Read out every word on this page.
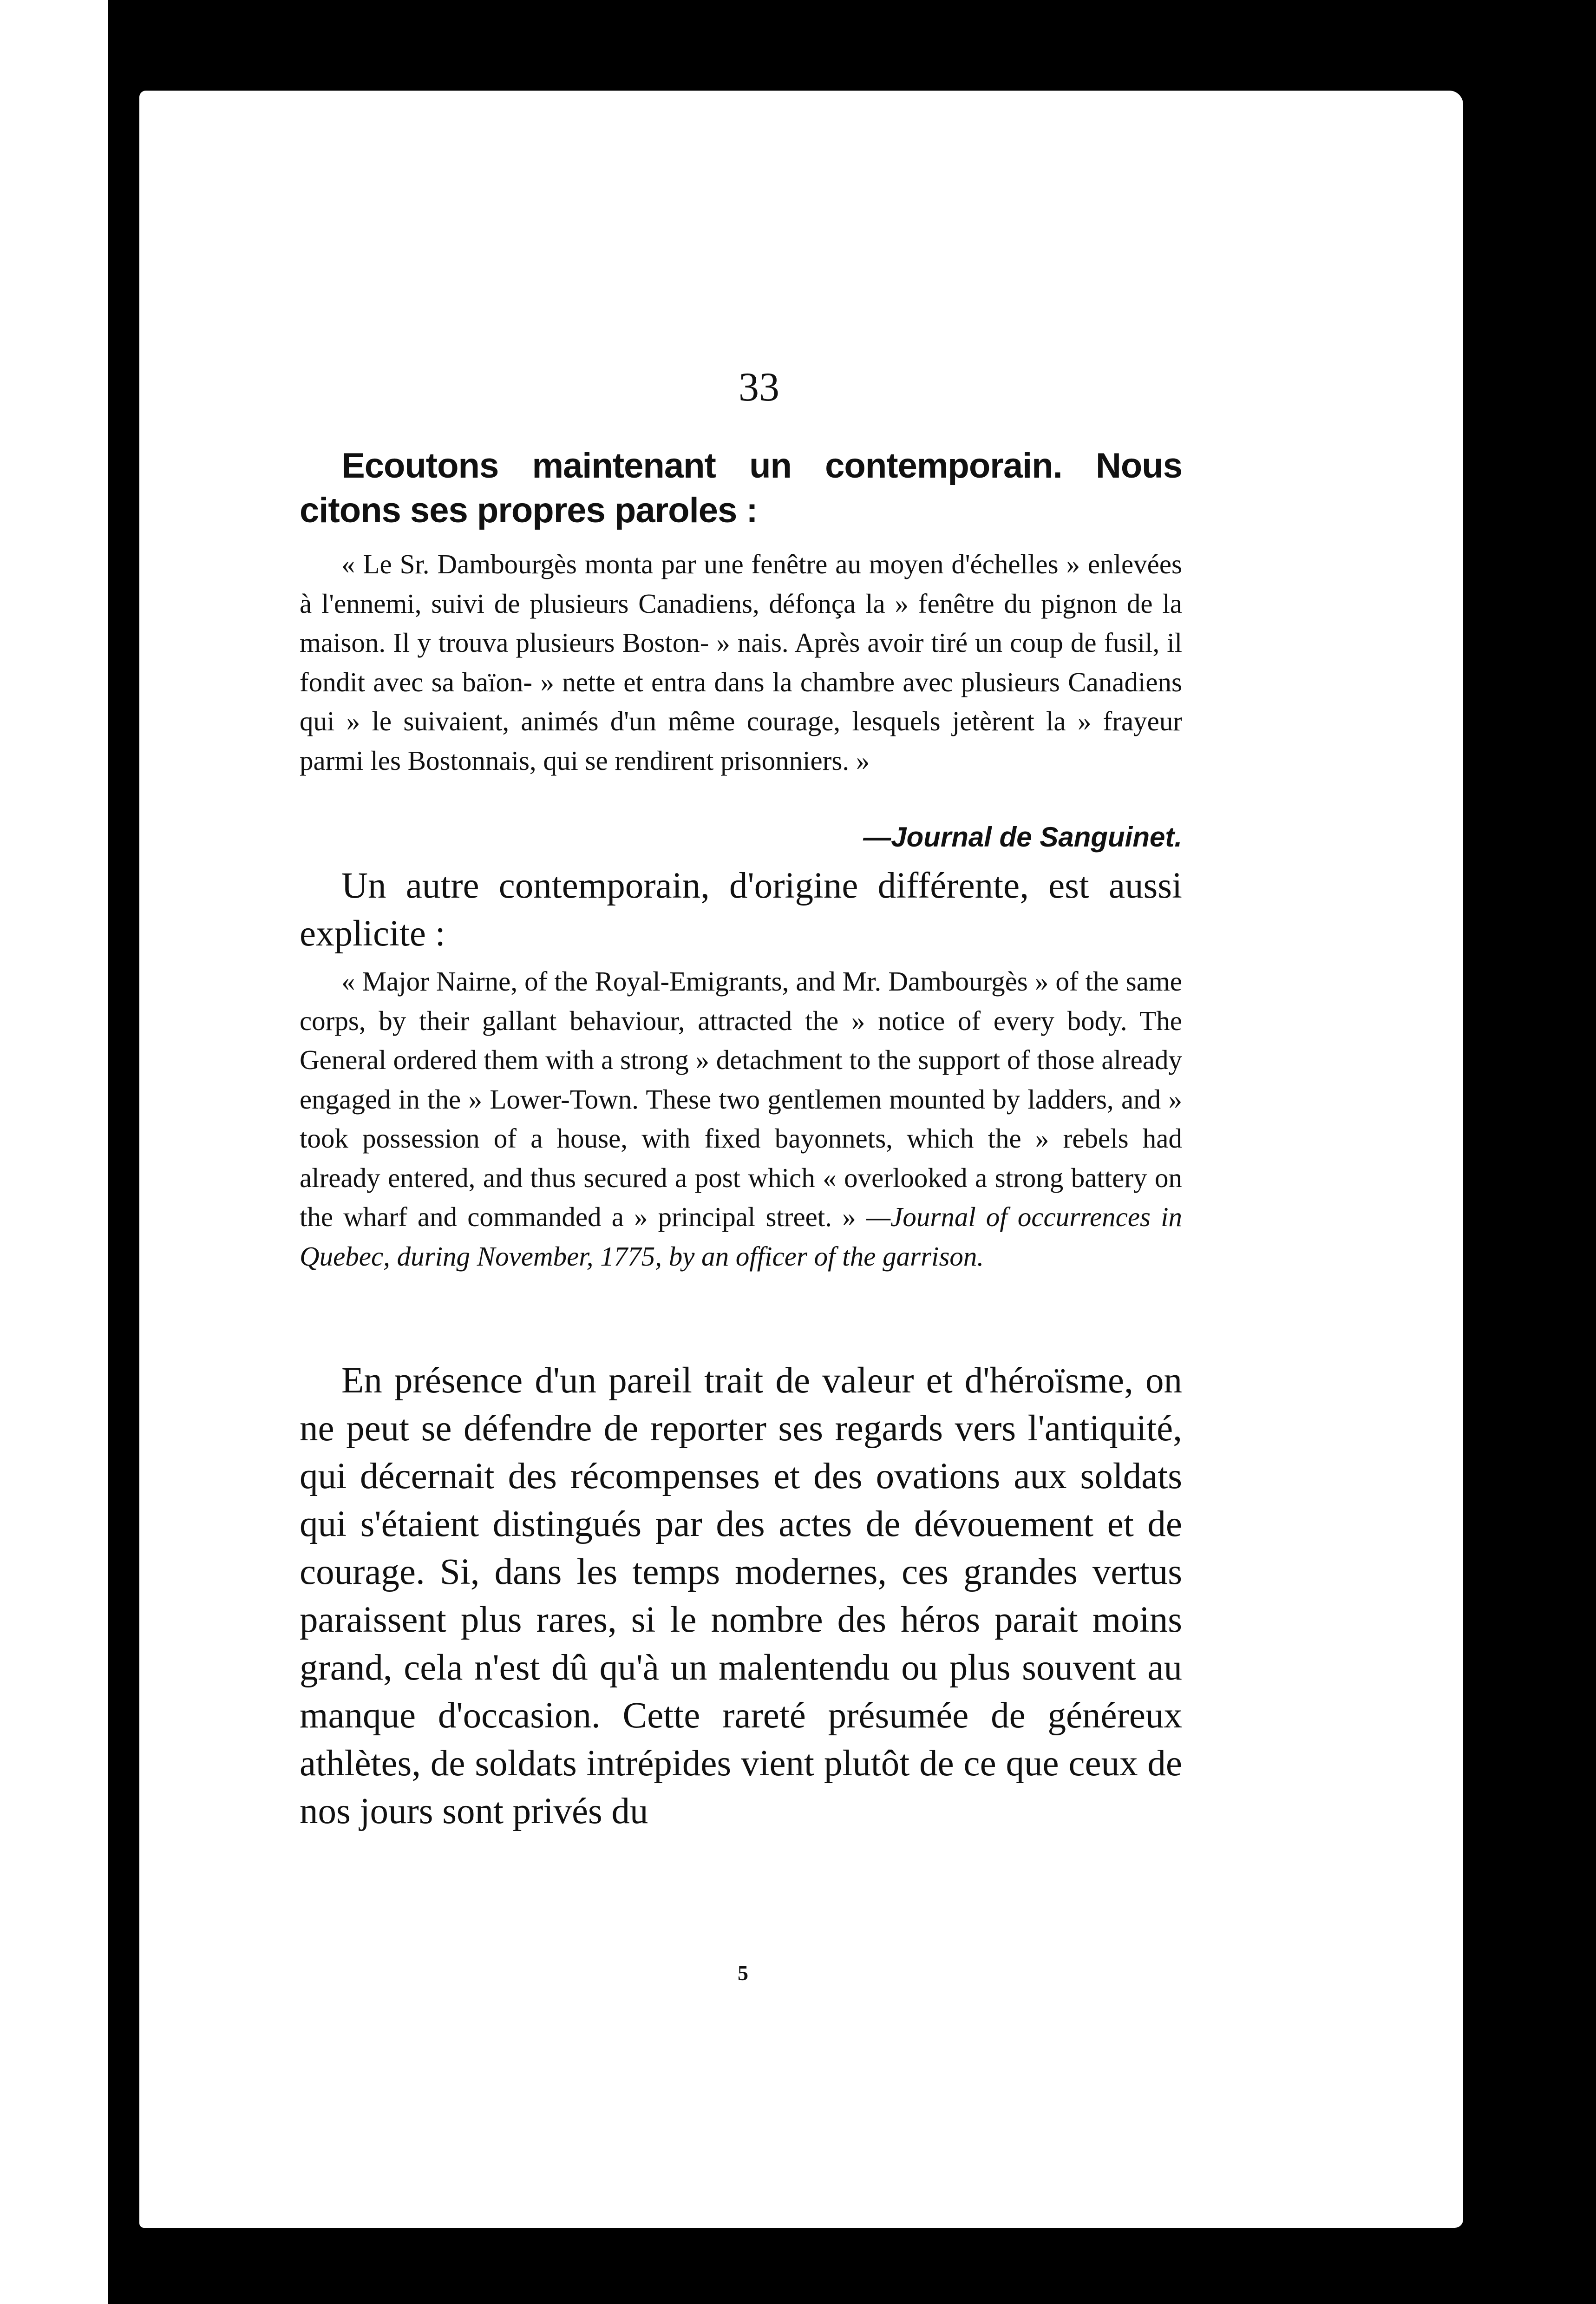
33
Ecoutons maintenant un contemporain. Nous citons ses propres paroles :
« Le Sr. Dambourgès monta par une fenêtre au moyen d'échelles » enlevées à l'ennemi, suivi de plusieurs Canadiens, défonça la » fenêtre du pignon de la maison. Il y trouva plusieurs Boston- » nais. Après avoir tiré un coup de fusil, il fondit avec sa baïon- » nette et entra dans la chambre avec plusieurs Canadiens qui » le suivaient, animés d'un même courage, lesquels jetèrent la » frayeur parmi les Bostonnais, qui se rendirent prisonniers. »
—Journal de Sanguinet.
Un autre contemporain, d'origine différente, est aussi explicite :
« Major Nairne, of the Royal-Emigrants, and Mr. Dambourgès » of the same corps, by their gallant behaviour, attracted the » notice of every body. The General ordered them with a strong » detachment to the support of those already engaged in the » Lower-Town. These two gentlemen mounted by ladders, and » took possession of a house, with fixed bayonnets, which the » rebels had already entered, and thus secured a post which « overlooked a strong battery on the wharf and commanded a » principal street. » —Journal of occurrences in Quebec, during November, 1775, by an officer of the garrison.
En présence d'un pareil trait de valeur et d'héroïsme, on ne peut se défendre de reporter ses regards vers l'antiquité, qui décernait des récompenses et des ovations aux soldats qui s'étaient distingués par des actes de dévouement et de courage. Si, dans les temps modernes, ces grandes vertus paraissent plus rares, si le nombre des héros parait moins grand, cela n'est dû qu'à un malentendu ou plus souvent au manque d'occasion. Cette rareté présumée de généreux athlètes, de soldats intrépides vient plutôt de ce que ceux de nos jours sont privés du
5
